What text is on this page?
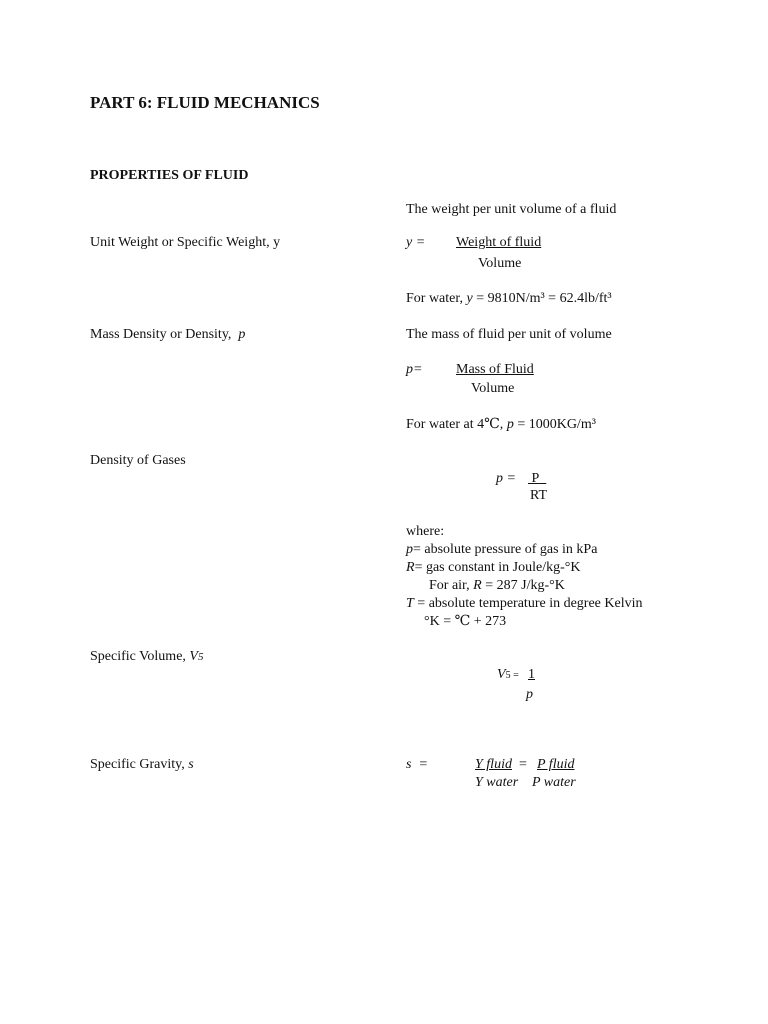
PART 6: FLUID MECHANICS
PROPERTIES OF FLUID
The weight per unit volume of a fluid
Unit Weight or Specific Weight, y	y = Weight of fluid
Volume
For water, y = 9810N/m³ = 62.4lb/ft³
Mass Density or Density, p	The mass of fluid per unit of volume
p= Mass of Fluid
Volume
For water at 4℃, p = 1000KG/m³
Density of Gases
p = P
RT
where:
p= absolute pressure of gas in kPa
R= gas constant in Joule/kg-°K
For air, R = 287 J/kg-°K
T = absolute temperature in degree Kelvin
°K = ℃ + 273
Specific Volume, V5
V5 = 1
p
Specific Gravity, s	s  =	Y fluid = P fluid
Y water P water
